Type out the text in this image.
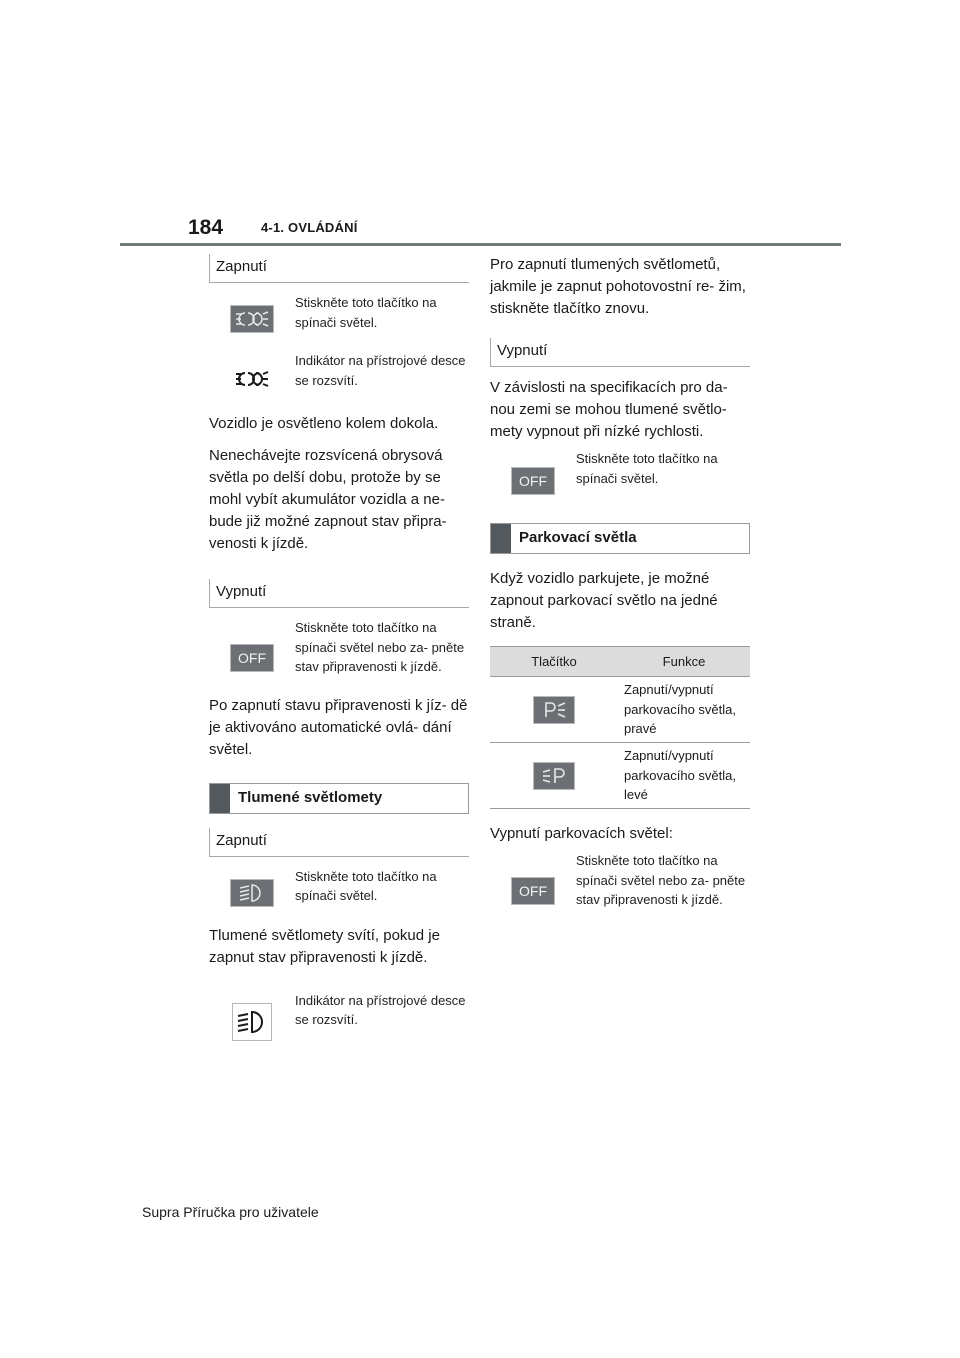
184	4-1. OVLÁDÁNÍ
Zapnutí
Stiskněte toto tlačítko na spínači světel.
Indikátor na přístrojové desce se rozsvítí.

Vozidlo je osvětleno kolem dokola.

Nenechávejte rozsvícená obrysová světla po delší dobu, protože by se mohl vybít akumulátor vozidla a ne- bude již možné zapnout stav připra- venosti k jízdě.

Vypnutí
OFF
Stiskněte toto tlačítko na spínači světel nebo za- pněte stav připravenosti k jízdě.

Po zapnutí stavu připravenosti k jíz- dě je aktivováno automatické ovlá- dání světel.

Tlumené světlomety
Zapnutí
Stiskněte toto tlačítko na spínači světel.

Tlumené světlomety svítí, pokud je zapnut stav připravenosti k jízdě.

Indikátor na přístrojové desce se rozsvítí.

Pro zapnutí tlumených světlometů, jakmile je zapnut pohotovostní re- žim, stiskněte tlačítko znovu.

Vypnutí

V závislosti na specifikacích pro da- nou zemi se mohou tlumené světlo- mety vypnout při nízké rychlosti.

OFF
Stiskněte toto tlačítko na spínači světel.
Parkovací světla

Když vozidlo parkujete, je možné zapnout parkovací světlo na jedné straně.

Tlačítko	Funkce

	Zapnutí/vypnutí parkovacího světla, pravé

	Zapnutí/vypnutí parkovacího světla, levé

Vypnutí parkovacích světel:

OFF
Stiskněte toto tlačítko na spínači světel nebo za- pněte stav připravenosti k jízdě.
Supra Příručka pro uživatele
